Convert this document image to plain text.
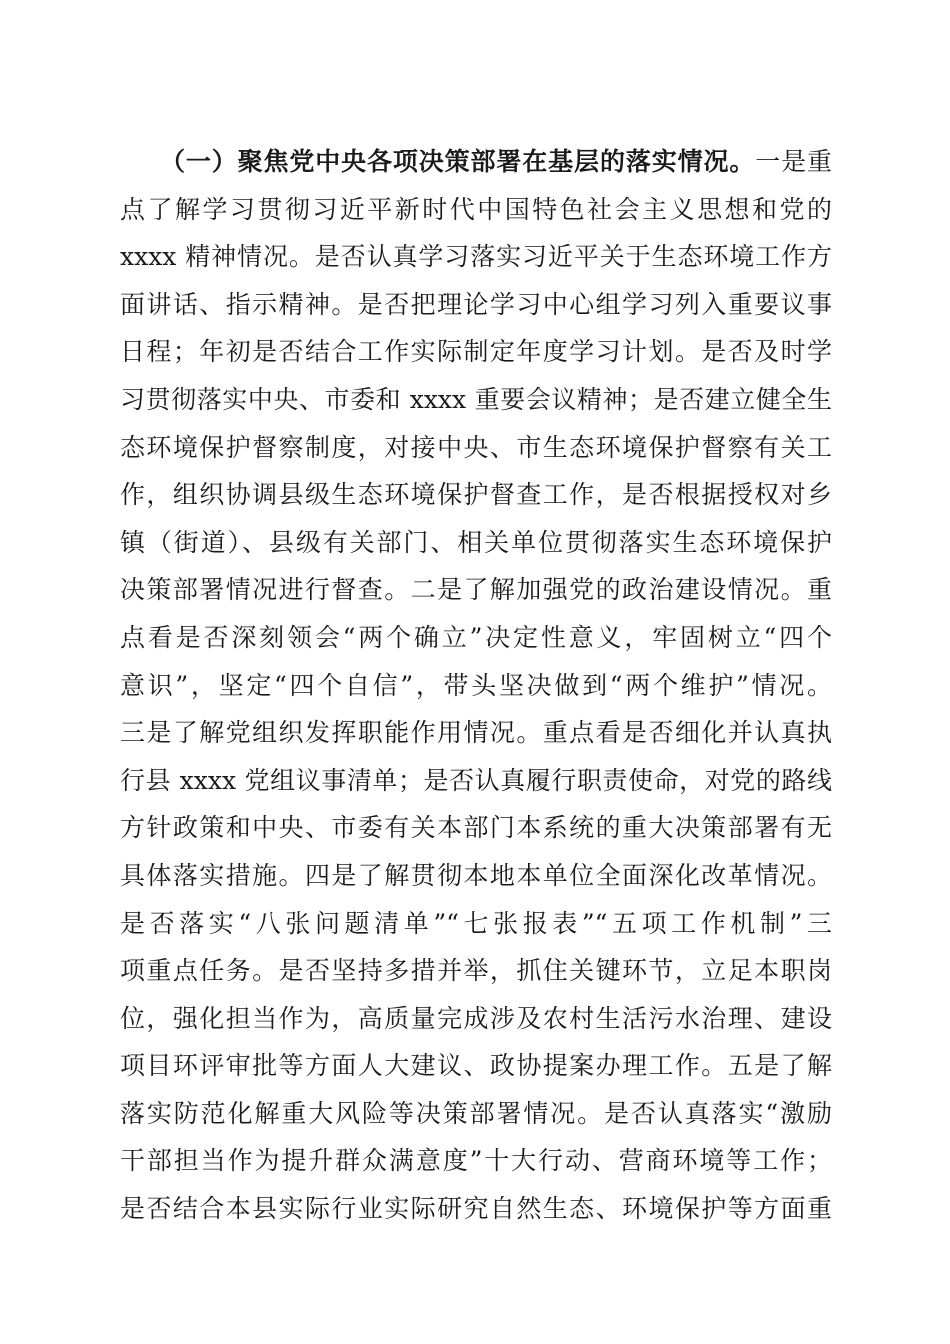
（一）聚焦党中央各项决策部署在基层的落实情况。一是重
点了解学习贯彻习近平新时代中国特色社会主义思想和党的
xxxx 精神情况。是否认真学习落实习近平关于生态环境工作方
面讲话、指示精神。是否把理论学习中心组学习列入重要议事
日程；年初是否结合工作实际制定年度学习计划。是否及时学
习贯彻落实中央、市委和 xxxx 重要会议精神；是否建立健全生
态环境保护督察制度，对接中央、市生态环境保护督察有关工
作，组织协调县级生态环境保护督查工作，是否根据授权对乡
镇（街道）、县级有关部门、相关单位贯彻落实生态环境保护
决策部署情况进行督查。二是了解加强党的政治建设情况。重
点看是否深刻领会“两个确立”决定性意义，牢固树立“四个
意识”，坚定“四个自信”，带头坚决做到“两个维护”情况。
三是了解党组织发挥职能作用情况。重点看是否细化并认真执
行县 xxxx 党组议事清单；是否认真履行职责使命，对党的路线
方针政策和中央、市委有关本部门本系统的重大决策部署有无
具体落实措施。四是了解贯彻本地本单位全面深化改革情况。
是否落实“八张问题清单”“七张报表”“五项工作机制”三
项重点任务。是否坚持多措并举，抓住关键环节，立足本职岗
位，强化担当作为，高质量完成涉及农村生活污水治理、建设
项目环评审批等方面人大建议、政协提案办理工作。五是了解
落实防范化解重大风险等决策部署情况。是否认真落实“激励
干部担当作为提升群众满意度”十大行动、营商环境等工作；
是否结合本县实际行业实际研究自然生态、环境保护等方面重
